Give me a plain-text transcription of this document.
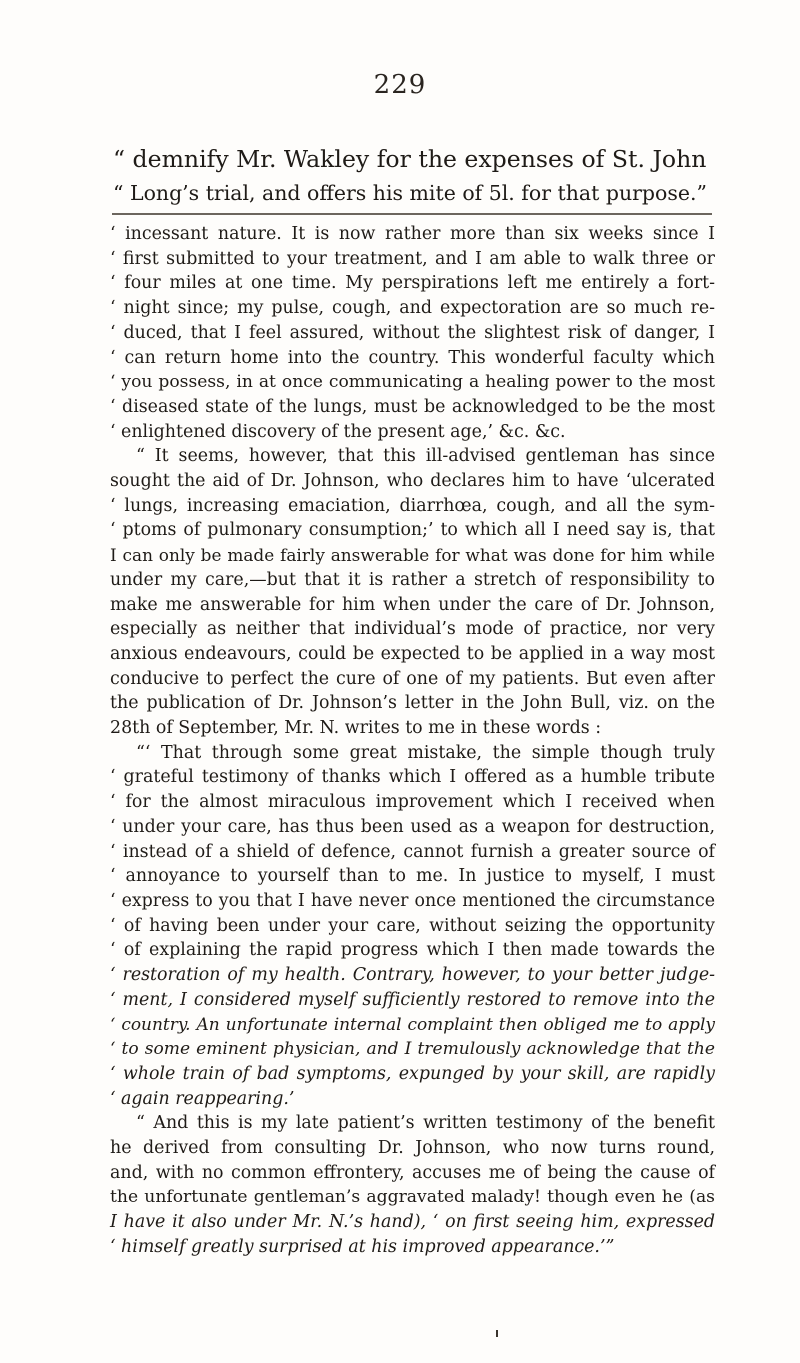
229
“ demnify Mr. Wakley for the expenses of St. John
“ Long’s trial, and offers his mite of 5l. for that purpose.”
‘ incessant nature. It is now rather more than six weeks since I
‘ first submitted to your treatment, and I am able to walk three or
‘ four miles at one time. My perspirations left me entirely a fort-
‘ night since; my pulse, cough, and expectoration are so much re-
‘ duced, that I feel assured, without the slightest risk of danger, I
‘ can return home into the country. This wonderful faculty which
‘ you possess, in at once communicating a healing power to the most
‘ diseased state of the lungs, must be acknowledged to be the most
‘ enlightened discovery of the present age,’ &c. &c.
“ It seems, however, that this ill-advised gentleman has since
sought the aid of Dr. Johnson, who declares him to have ‘ulcerated
‘ lungs, increasing emaciation, diarrhœa, cough, and all the sym-
‘ ptoms of pulmonary consumption;’ to which all I need say is, that
I can only be made fairly answerable for what was done for him while
under my care,—but that it is rather a stretch of responsibility to
make me answerable for him when under the care of Dr. Johnson,
especially as neither that individual’s mode of practice, nor very
anxious endeavours, could be expected to be applied in a way most
conducive to perfect the cure of one of my patients. But even after
the publication of Dr. Johnson’s letter in the John Bull, viz. on the
28th of September, Mr. N. writes to me in these words :
“‘ That through some great mistake, the simple though truly
‘ grateful testimony of thanks which I offered as a humble tribute
‘ for the almost miraculous improvement which I received when
‘ under your care, has thus been used as a weapon for destruction,
‘ instead of a shield of defence, cannot furnish a greater source of
‘ annoyance to yourself than to me. In justice to myself, I must
‘ express to you that I have never once mentioned the circumstance
‘ of having been under your care, without seizing the opportunity
‘ of explaining the rapid progress which I then made towards the
‘ restoration of my health. Contrary, however, to your better judge-
‘ ment, I considered myself sufficiently restored to remove into the
‘ country. An unfortunate internal complaint then obliged me to apply
‘ to some eminent physician, and I tremulously acknowledge that the
‘ whole train of bad symptoms, expunged by your skill, are rapidly
‘ again reappearing.’
“ And this is my late patient’s written testimony of the benefit
he derived from consulting Dr. Johnson, who now turns round,
and, with no common effrontery, accuses me of being the cause of
the unfortunate gentleman’s aggravated malady! though even he (as
I have it also under Mr. N.’s hand), ‘ on first seeing him, expressed
‘ himself greatly surprised at his improved appearance.’”
